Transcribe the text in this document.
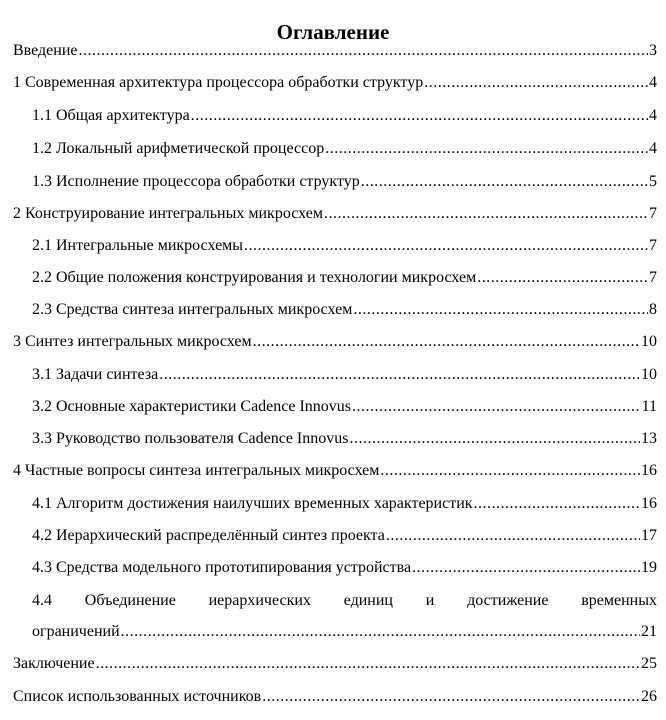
Оглавление
Введение .....	3
1 Современная архитектура процессора обработки структур .....	4
1.1 Общая архитектура .....	4
1.2 Локальный арифметической процессор .....	4
1.3 Исполнение процессора обработки структур .....	5
2 Конструирование интегральных микросхем .....	7
2.1 Интегральные микросхемы .....	7
2.2 Общие положения конструирования и технологии микросхем .....	7
2.3 Средства синтеза интегральных микросхем .....	8
3 Синтез интегральных микросхем .....	10
3.1 Задачи синтеза .....	10
3.2 Основные характеристики Cadence Innovus .....	11
3.3 Руководство пользователя Cadence Innovus .....	13
4 Частные вопросы синтеза интегральных микросхем .....	16
4.1 Алгоритм достижения наилучших временных характеристик .....	16
4.2 Иерархический распределённый синтез проекта .....	17
4.3 Средства модельного прототипирования устройства .....	19
4.4 Объединение иерархических единиц и достижение временных
ограничений .....	21
Заключение .....	25
Список использованных источников .....	26
